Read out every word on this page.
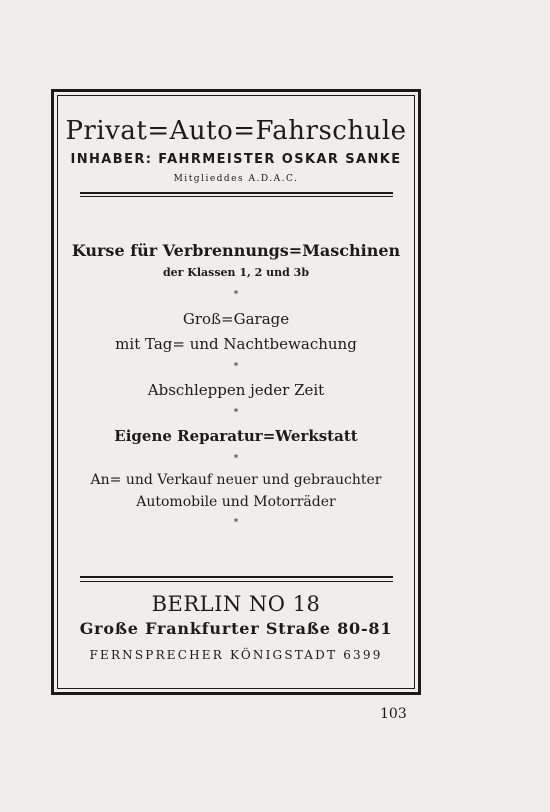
Privat=Auto=Fahrschule
INHABER: FAHRMEISTER OSKAR SANKE
Mitglieddes A.D.A.C.
Kurse für Verbrennungs=Maschinen
der Klassen 1, 2 und 3b
*
Groß=Garage
mit Tag= und Nachtbewachung
*
Abschleppen jeder Zeit
*
Eigene Reparatur=Werkstatt
*
An= und Verkauf neuer und gebrauchter
Automobile und Motorräder
*
BERLIN NO 18
Große Frankfurter Straße 80-81
FERNSPRECHER KÖNIGSTADT 6399
103
